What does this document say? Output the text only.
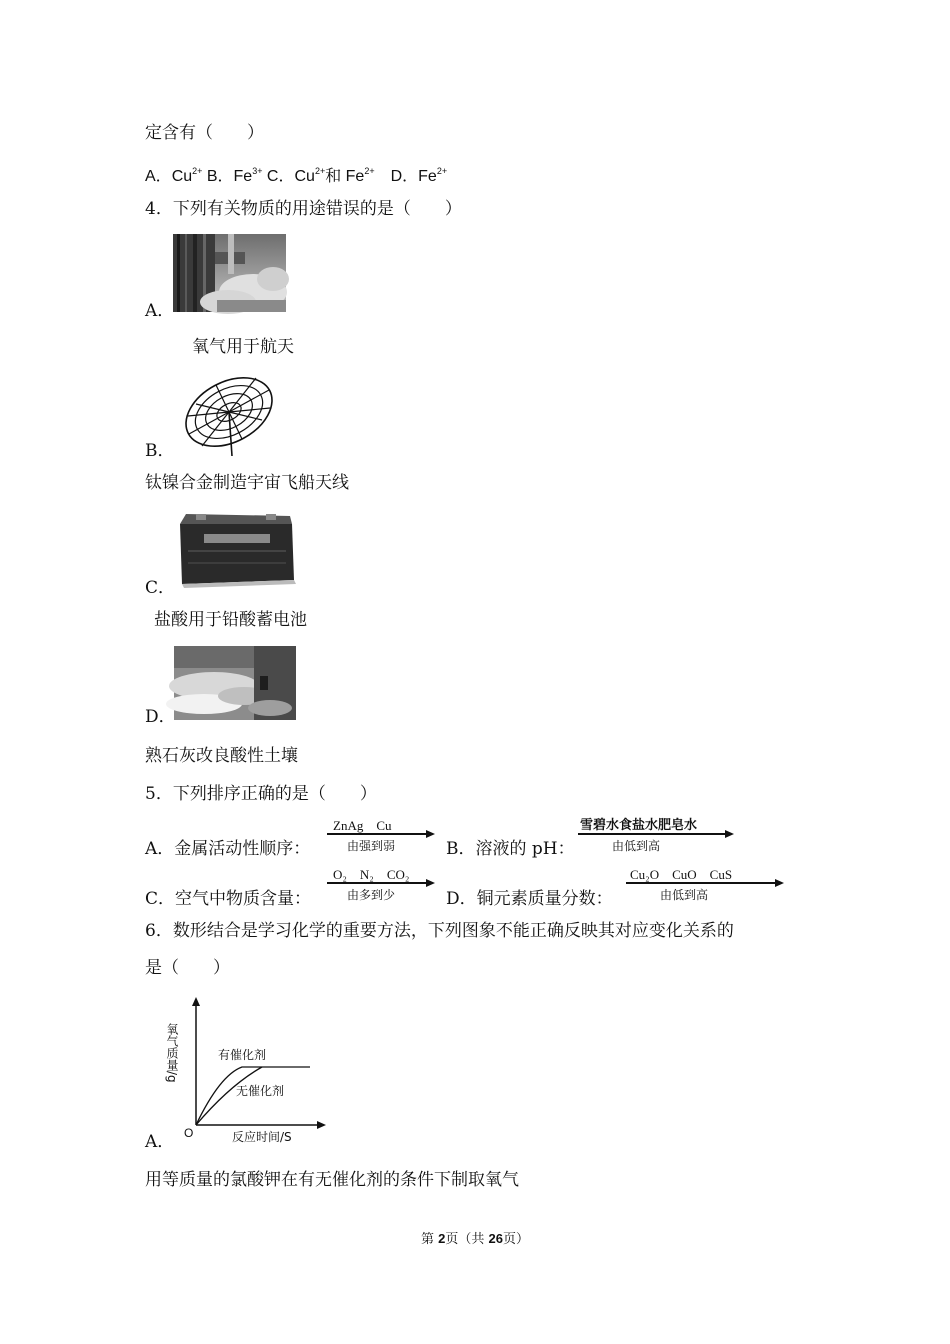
定含有（　　）
A．$Cu^{2+}$ B．$Fe^{3+}$ C．$Cu^{2+}$和 $Fe^{2+}$　D．$Fe^{2+}$
4．下列有关物质的用途错误的是（　　）
A．
氧气用于航天
B．
钛镍合金制造宇宙飞船天线
C．
盐酸用于铅酸蓄电池
D．
熟石灰改良酸性土壤
5．下列排序正确的是（　　）
A．金属活动性顺序：
ZnAg　Cu
由强到弱	B．溶液的 pH：
雪碧水食盐水肥皂水
由低到高
C．空气中物质含量：
O₂　N₂　CO₂
由多到少	D．铜元素质量分数：
Cu₂O　CuO　CuS
由低到高
6．数形结合是学习化学的重要方法，下列图象不能正确反映其对应变化关系的
是（　　）
有催化剂
无催化剂
O	反应时间/S
氧气质量/g
A．
用等质量的氯酸钾在有无催化剂的条件下制取氧气
第 2页（共 26页）
